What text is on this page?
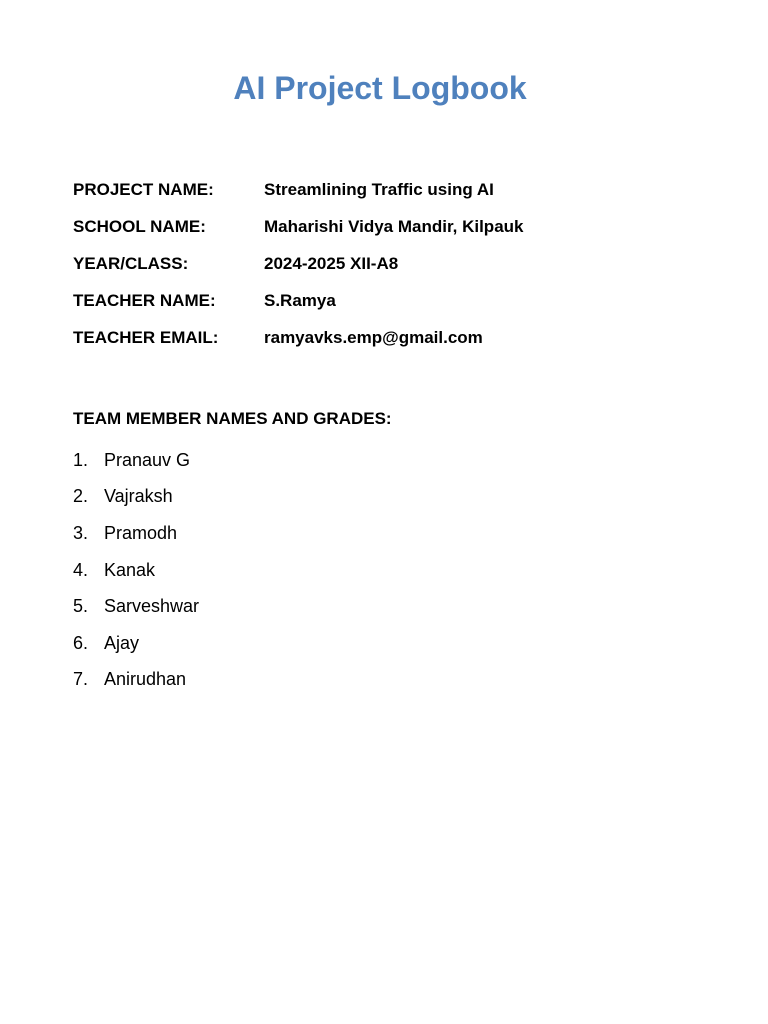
AI Project Logbook
PROJECT NAME:	Streamlining Traffic using AI
SCHOOL NAME:	Maharishi Vidya Mandir, Kilpauk
YEAR/CLASS:	2024-2025 XII-A8
TEACHER NAME:	S.Ramya
TEACHER EMAIL:	ramyavks.emp@gmail.com
TEAM MEMBER NAMES AND GRADES:
1. Pranauv G
2. Vajraksh
3. Pramodh
4. Kanak
5. Sarveshwar
6. Ajay
7. Anirudhan
